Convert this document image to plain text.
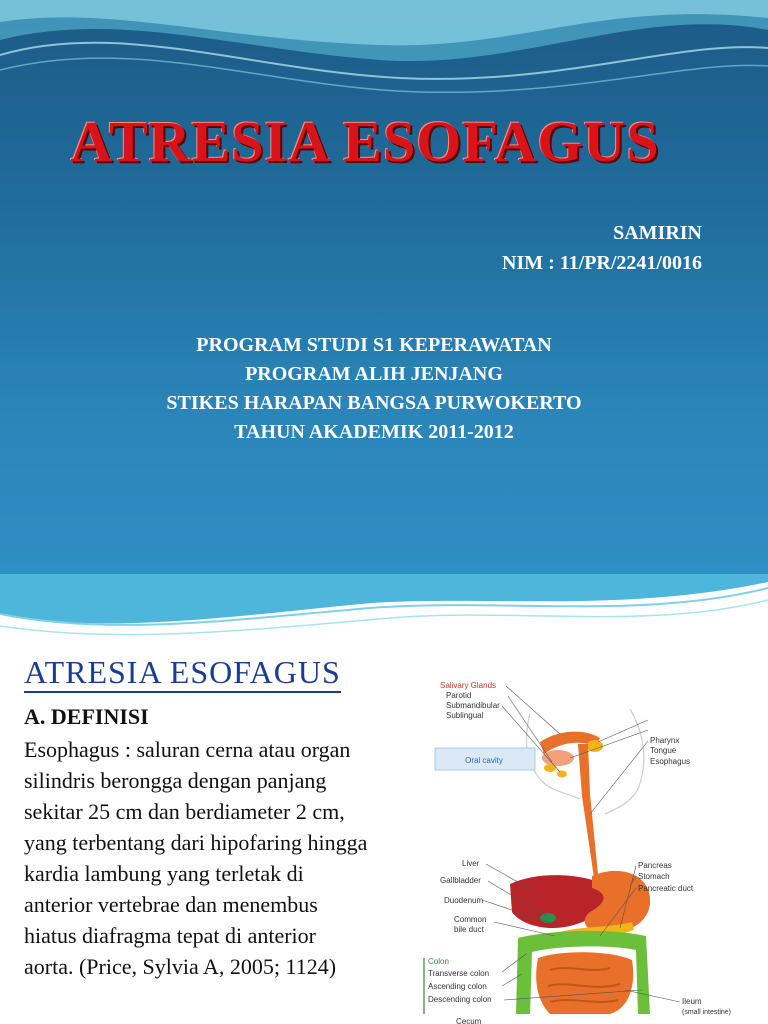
ATRESIA ESOFAGUS
SAMIRIN
NIM : 11/PR/2241/0016
PROGRAM STUDI S1 KEPERAWATAN
PROGRAM ALIH JENJANG
STIKES HARAPAN BANGSA PURWOKERTO
TAHUN AKADEMIK 2011-2012
ATRESIA ESOFAGUS
A. DEFINISI
Esophagus : saluran cerna atau organ silindris berongga dengan panjang sekitar 25 cm dan berdiameter 2 cm, yang terbentang dari hipofaring hingga kardia lambung yang terletak di anterior vertebrae dan menembus hiatus diafragma tepat di anterior aorta. (Price, Sylvia A, 2005; 1124)
Oral cavity
Salivary Glands
Parotid
Submandibular
Sublingual
Pharynx
Tongue
Esophagus
Liver
Gallbladder
Duodenum
Common
bile duct
Pancreas
Stomach
Pancreatic duct
Colon
Transverse colon
Ascending colon
Descending colon
Cecum
Ileum
(small intestine)
